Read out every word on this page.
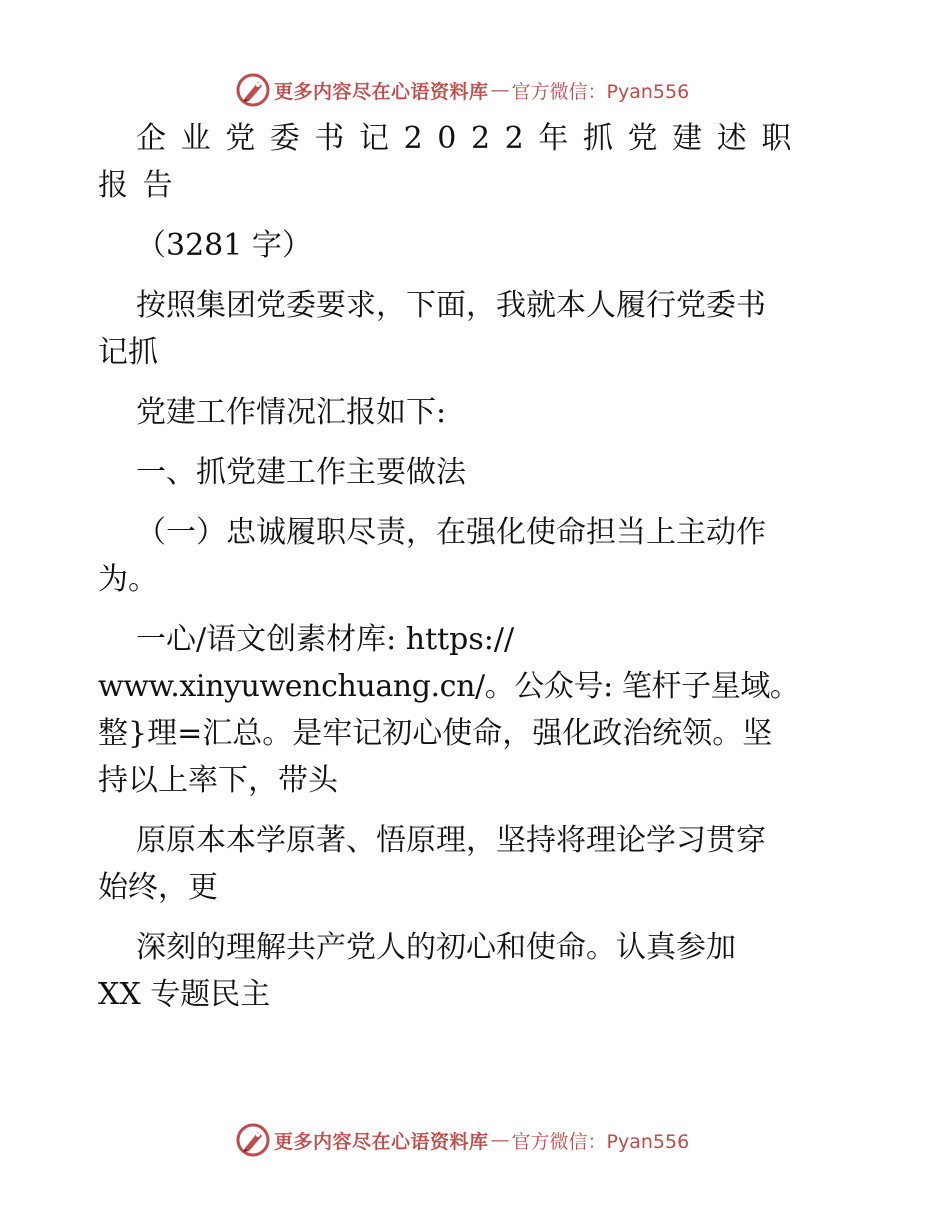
更多内容尽在心语资料库 — 官方微信：Pyan556
企业党委书记2022年抓党建述职
报告
（3281 字）
按照集团党委要求，下面，我就本人履行党委书
记抓
党建工作情况汇报如下:
一、抓党建工作主要做法
（一）忠诚履职尽责，在强化使命担当上主动作
为。
一心/语文创素材库: https://
www.xinyuwenchuang.cn/。公众号: 笔杆子星域。
整}理=汇总。是牢记初心使命，强化政治统领。坚
持以上率下，带头
原原本本学原著、悟原理，坚持将理论学习贯穿
始终，更
深刻的理解共产党人的初心和使命。认真参加
XX 专题民主
更多内容尽在心语资料库 — 官方微信：Pyan556
